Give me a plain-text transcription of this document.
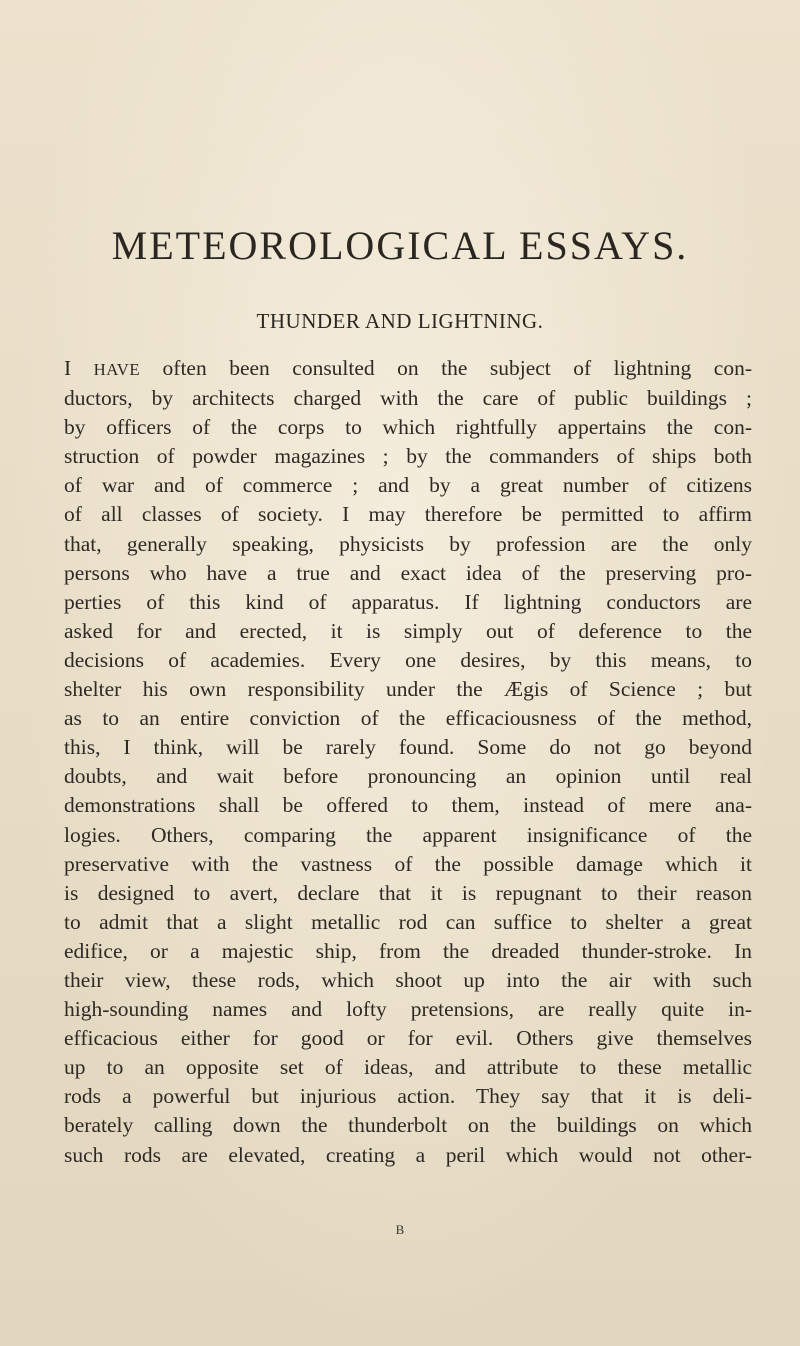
METEOROLOGICAL ESSAYS.
THUNDER AND LIGHTNING.
I HAVE often been consulted on the subject of lightning con-
ductors, by architects charged with the care of public buildings ;
by officers of the corps to which rightfully appertains the con-
struction of powder magazines ; by the commanders of ships both
of war and of commerce ; and by a great number of citizens
of all classes of society. I may therefore be permitted to affirm
that, generally speaking, physicists by profession are the only
persons who have a true and exact idea of the preserving pro-
perties of this kind of apparatus. If lightning conductors are
asked for and erected, it is simply out of deference to the
decisions of academies. Every one desires, by this means, to
shelter his own responsibility under the Ægis of Science ; but
as to an entire conviction of the efficaciousness of the method,
this, I think, will be rarely found. Some do not go beyond
doubts, and wait before pronouncing an opinion until real
demonstrations shall be offered to them, instead of mere ana-
logies. Others, comparing the apparent insignificance of the
preservative with the vastness of the possible damage which it
is designed to avert, declare that it is repugnant to their reason
to admit that a slight metallic rod can suffice to shelter a great
edifice, or a majestic ship, from the dreaded thunder-stroke. In
their view, these rods, which shoot up into the air with such
high-sounding names and lofty pretensions, are really quite in-
efficacious either for good or for evil. Others give themselves
up to an opposite set of ideas, and attribute to these metallic
rods a powerful but injurious action. They say that it is deli-
berately calling down the thunderbolt on the buildings on which
such rods are elevated, creating a peril which would not other-
B
